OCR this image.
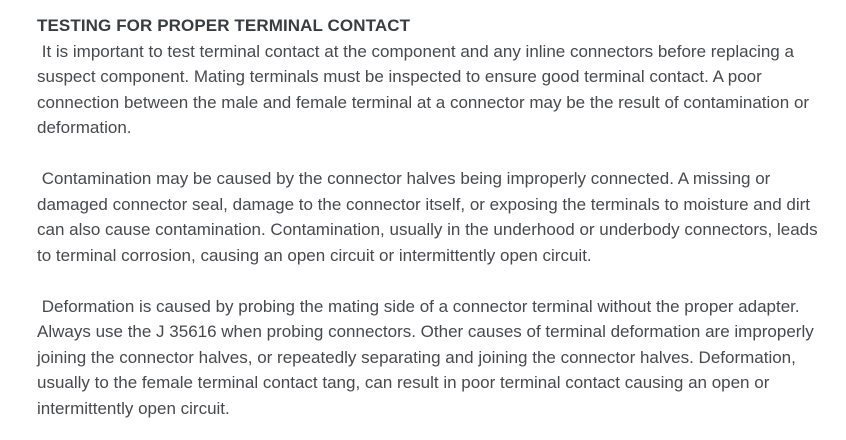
TESTING FOR PROPER TERMINAL CONTACT

It is important to test terminal contact at the component and any inline connectors before replacing a suspect component. Mating terminals must be inspected to ensure good terminal contact. A poor connection between the male and female terminal at a connector may be the result of contamination or deformation.

Contamination may be caused by the connector halves being improperly connected. A missing or damaged connector seal, damage to the connector itself, or exposing the terminals to moisture and dirt can also cause contamination. Contamination, usually in the underhood or underbody connectors, leads to terminal corrosion, causing an open circuit or intermittently open circuit.

Deformation is caused by probing the mating side of a connector terminal without the proper adapter. Always use the J 35616 when probing connectors. Other causes of terminal deformation are improperly joining the connector halves, or repeatedly separating and joining the connector halves. Deformation, usually to the female terminal contact tang, can result in poor terminal contact causing an open or intermittently open circuit.
